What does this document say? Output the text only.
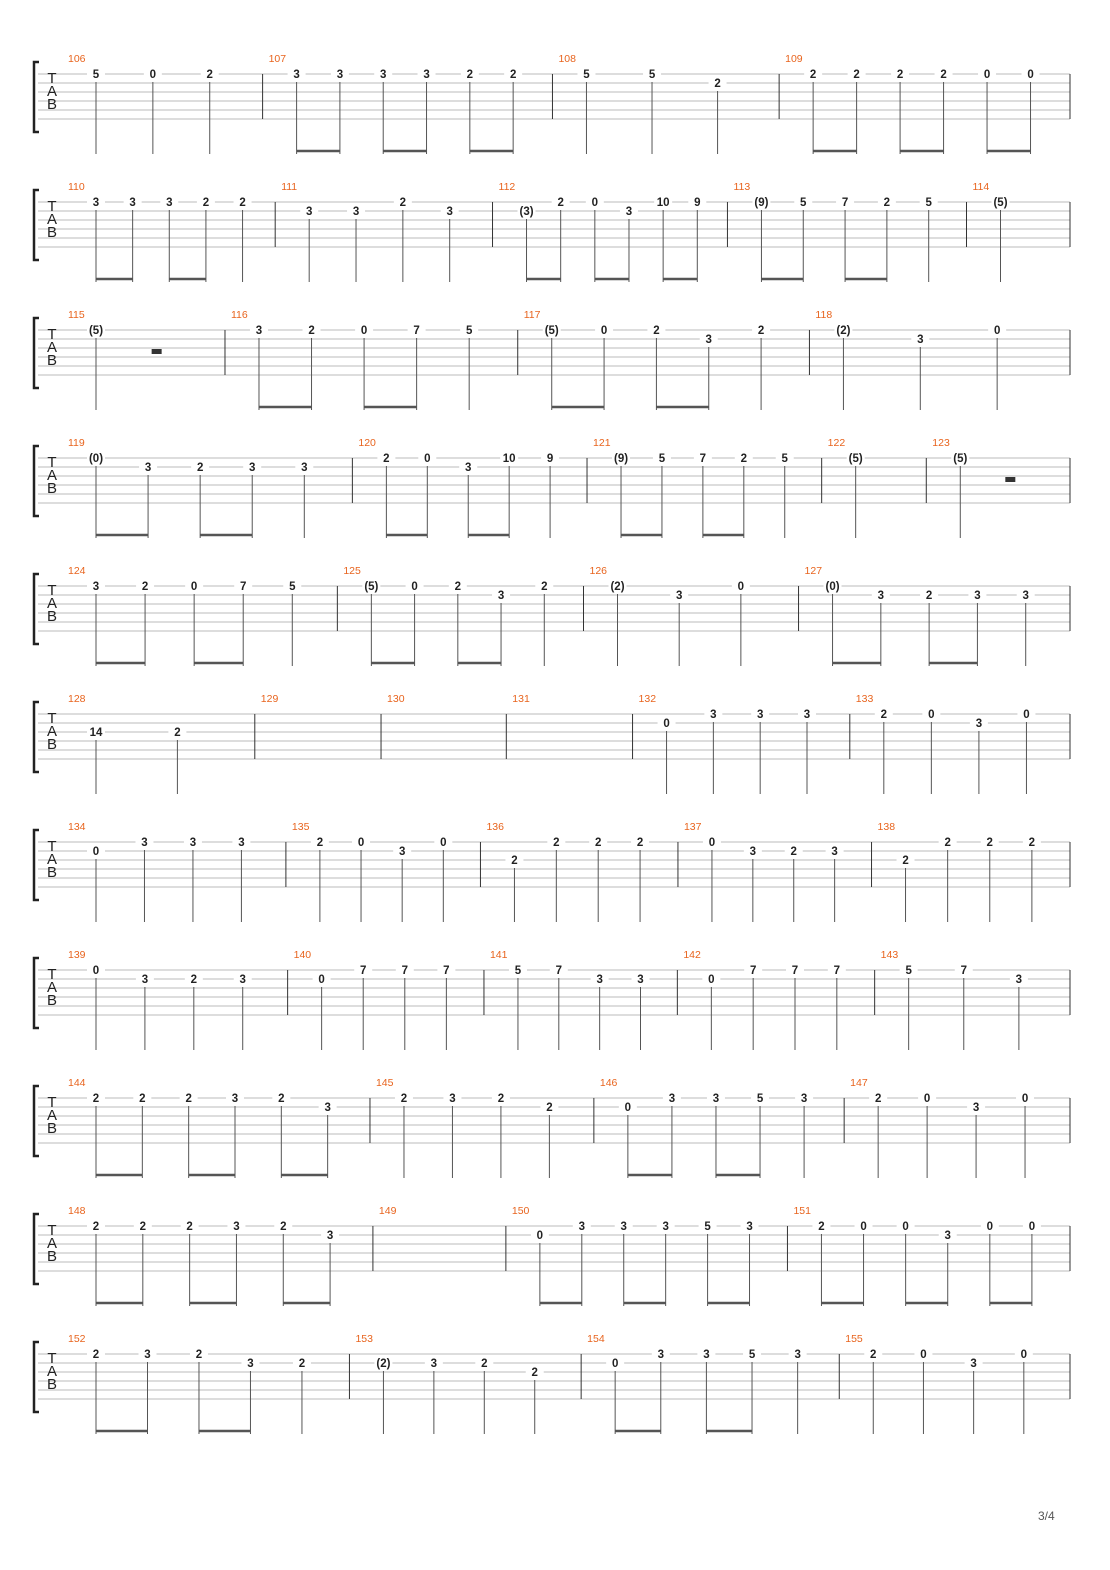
T
A
B
106
5	0	2
107
3	3	3	3	2	2
108
5	5
2
109
2	2	2	2	0	0
T
A
B
110
3	3	3	2	2
111
3	3
2
3
112
(3)
2 0
3
10 9
113
(9)	5	7	2	5
114
(5)
T
A
B
115
(5)
116
3	2	0	7	5
117
(5)	0	2
3
2
118
(2)
3
0
T
A
B
119
(0)
3	2	3	3
120
2	0
3
10	9
121
(9)	5	7	2	5
122
(5)
123
(5)
T
A
B
124
3	2	0	7	5
125
(5)	0	2
3
2
126
(2)
3
0
127
(0)
3	2	3	3
T
A
B
128
14	2
129	130	131	132
0
3	3	3
133
2	0
3
0
T
A
B
134
0
3	3	3
135
2	0
3
0
136
2
2	2	2
137
0
3	2	3
138
2
2	2	2
T
A
B
139
0
3	2	3
140
0
7	7	7
141
5	7
3	3
142
0
7	7	7
143
5	7
3
T
A
B
144
2	2	2	3	2
3
145
2	3	2
2
146
0
3	3	5	3
147
2	0
3
0
T
A
B
148
2	2	2	3	2
3
149	150
0
3	3	3	5	3
151
2	0	0
3
0	0
T
A
B
152
2	3	2
3	2
153
(2)	3	2
2
154
0
3	3	5	3
155
2	0
3
0
3/4
